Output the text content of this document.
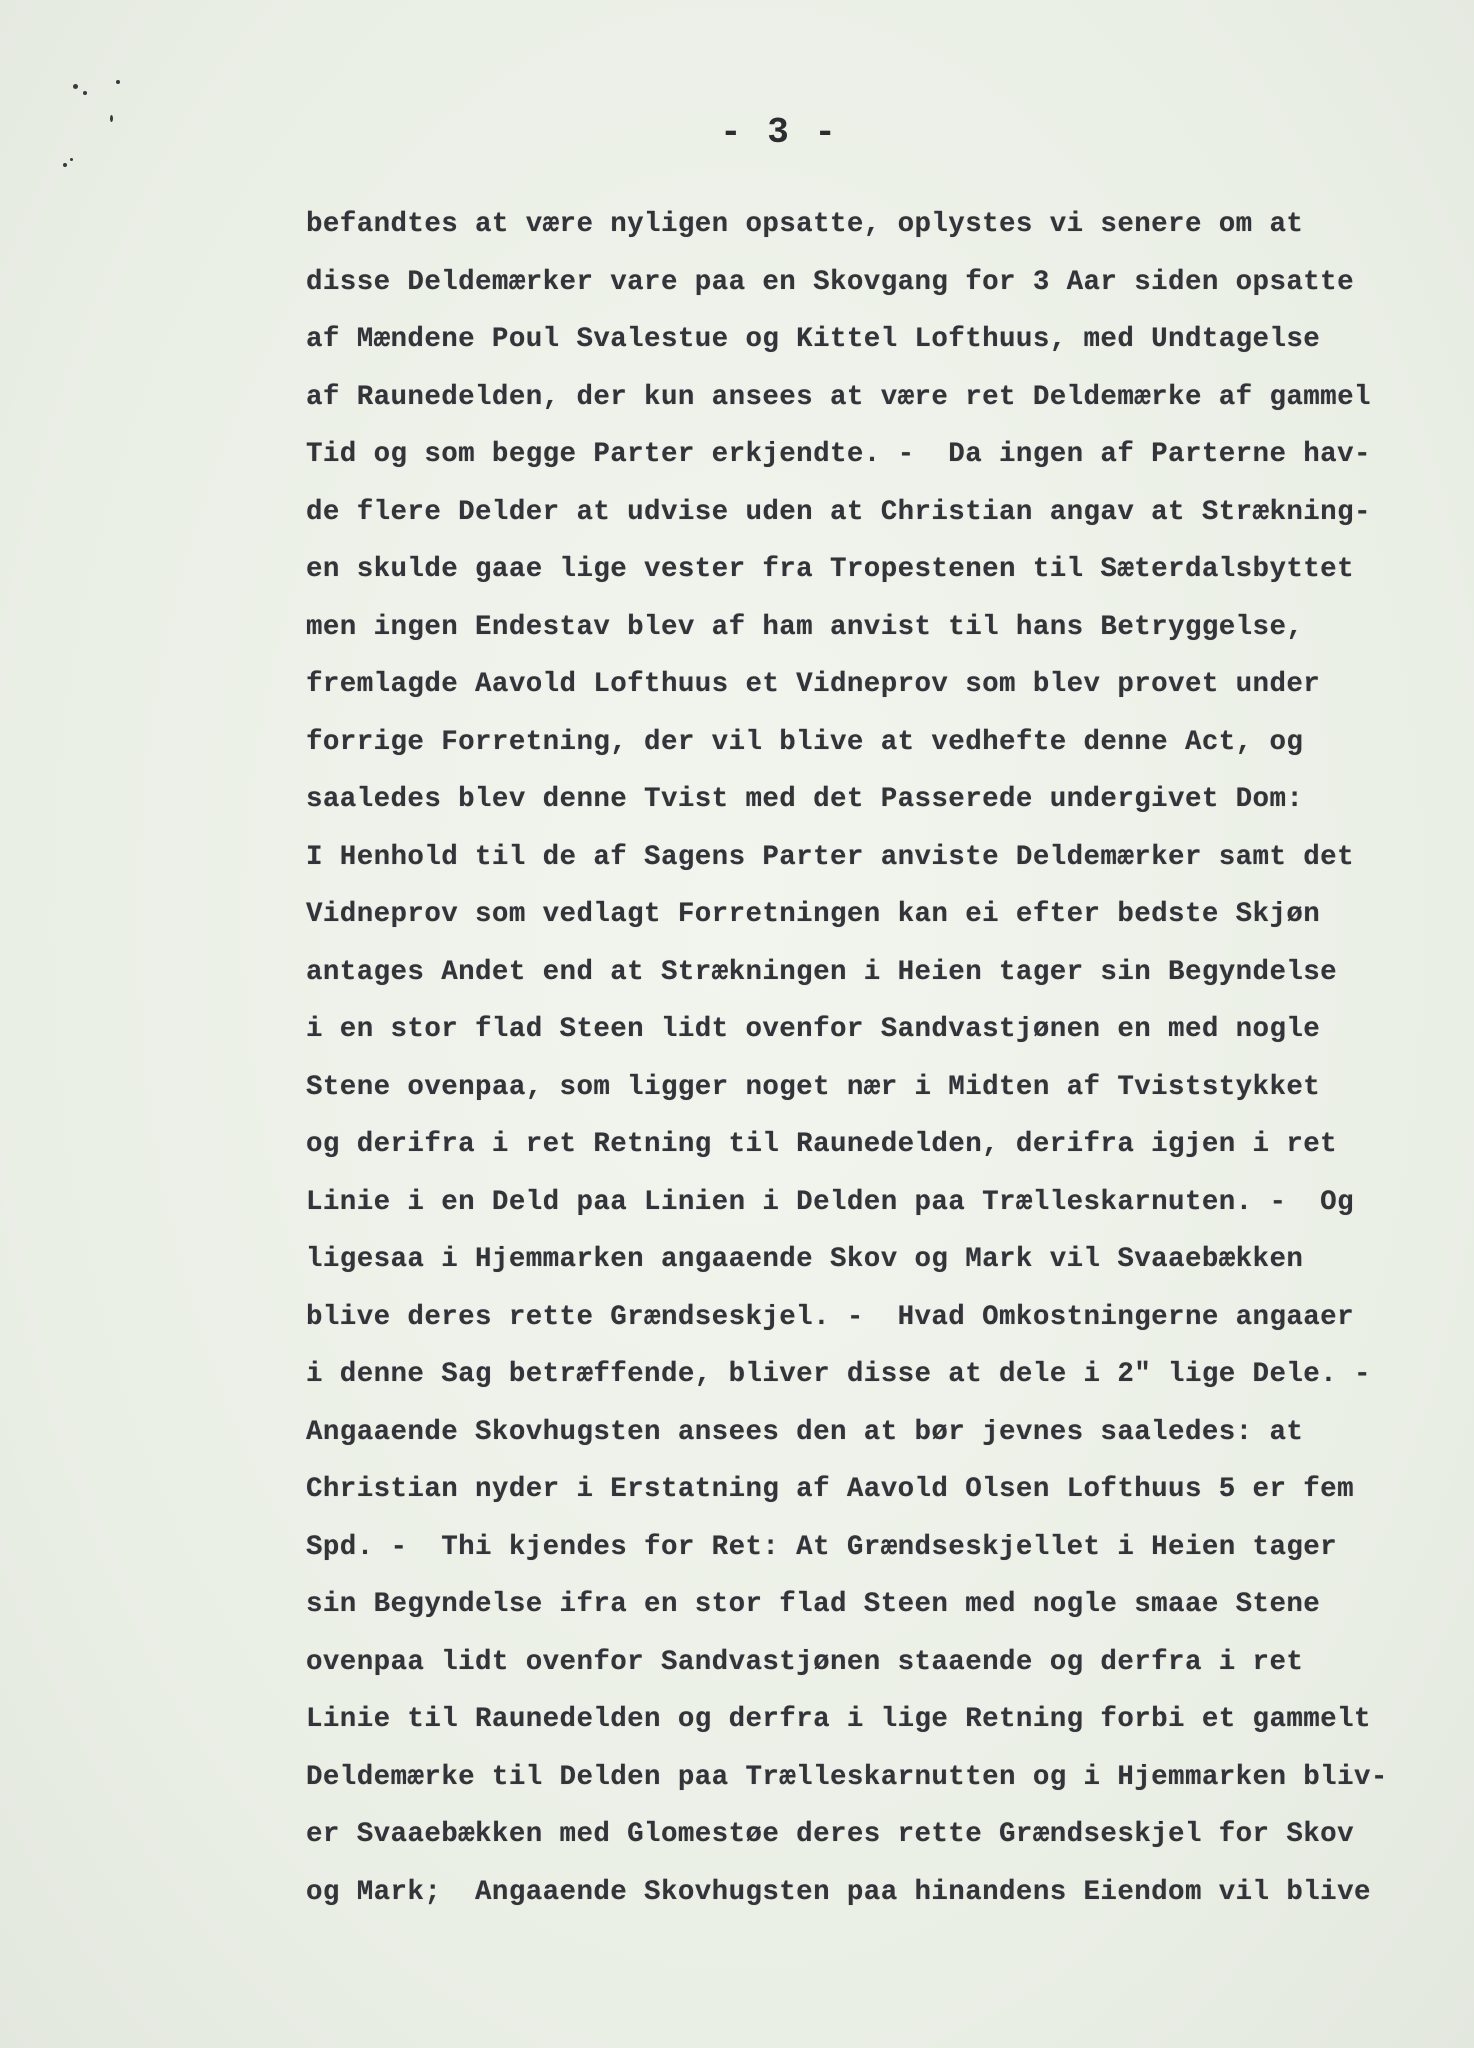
- 3 -
befandtes at være nyligen opsatte, oplystes vi senere om at
disse Deldemærker vare paa en Skovgang for 3 Aar siden opsatte
af Mændene Poul Svalestue og Kittel Lofthuus, med Undtagelse
af Raunedelden, der kun ansees at være ret Deldemærke af gammel
Tid og som begge Parter erkjendte. -  Da ingen af Parterne hav-
de flere Delder at udvise uden at Christian angav at Strækning-
en skulde gaae lige vester fra Tropestenen til Sæterdalsbyttet
men ingen Endestav blev af ham anvist til hans Betryggelse,
fremlagde Aavold Lofthuus et Vidneprov som blev provet under
forrige Forretning, der vil blive at vedhefte denne Act, og
saaledes blev denne Tvist med det Passerede undergivet Dom:
I Henhold til de af Sagens Parter anviste Deldemærker samt det
Vidneprov som vedlagt Forretningen kan ei efter bedste Skjøn
antages Andet end at Strækningen i Heien tager sin Begyndelse
i en stor flad Steen lidt ovenfor Sandvastjønen en med nogle
Stene ovenpaa, som ligger noget nær i Midten af Tviststykket
og derifra i ret Retning til Raunedelden, derifra igjen i ret
Linie i en Deld paa Linien i Delden paa Trælleskarnuten. -  Og
ligesaa i Hjemmarken angaaende Skov og Mark vil Svaaebækken
blive deres rette Grændseskjel. -  Hvad Omkostningerne angaaer
i denne Sag betræffende, bliver disse at dele i 2" lige Dele. -
Angaaende Skovhugsten ansees den at bør jevnes saaledes: at
Christian nyder i Erstatning af Aavold Olsen Lofthuus 5 er fem
Spd. -  Thi kjendes for Ret: At Grændseskjellet i Heien tager
sin Begyndelse ifra en stor flad Steen med nogle smaae Stene
ovenpaa lidt ovenfor Sandvastjønen staaende og derfra i ret
Linie til Raunedelden og derfra i lige Retning forbi et gammelt
Deldemærke til Delden paa Trælleskarnutten og i Hjemmarken bliv-
er Svaaebækken med Glomestøe deres rette Grændseskjel for Skov
og Mark;  Angaaende Skovhugsten paa hinandens Eiendom vil blive
